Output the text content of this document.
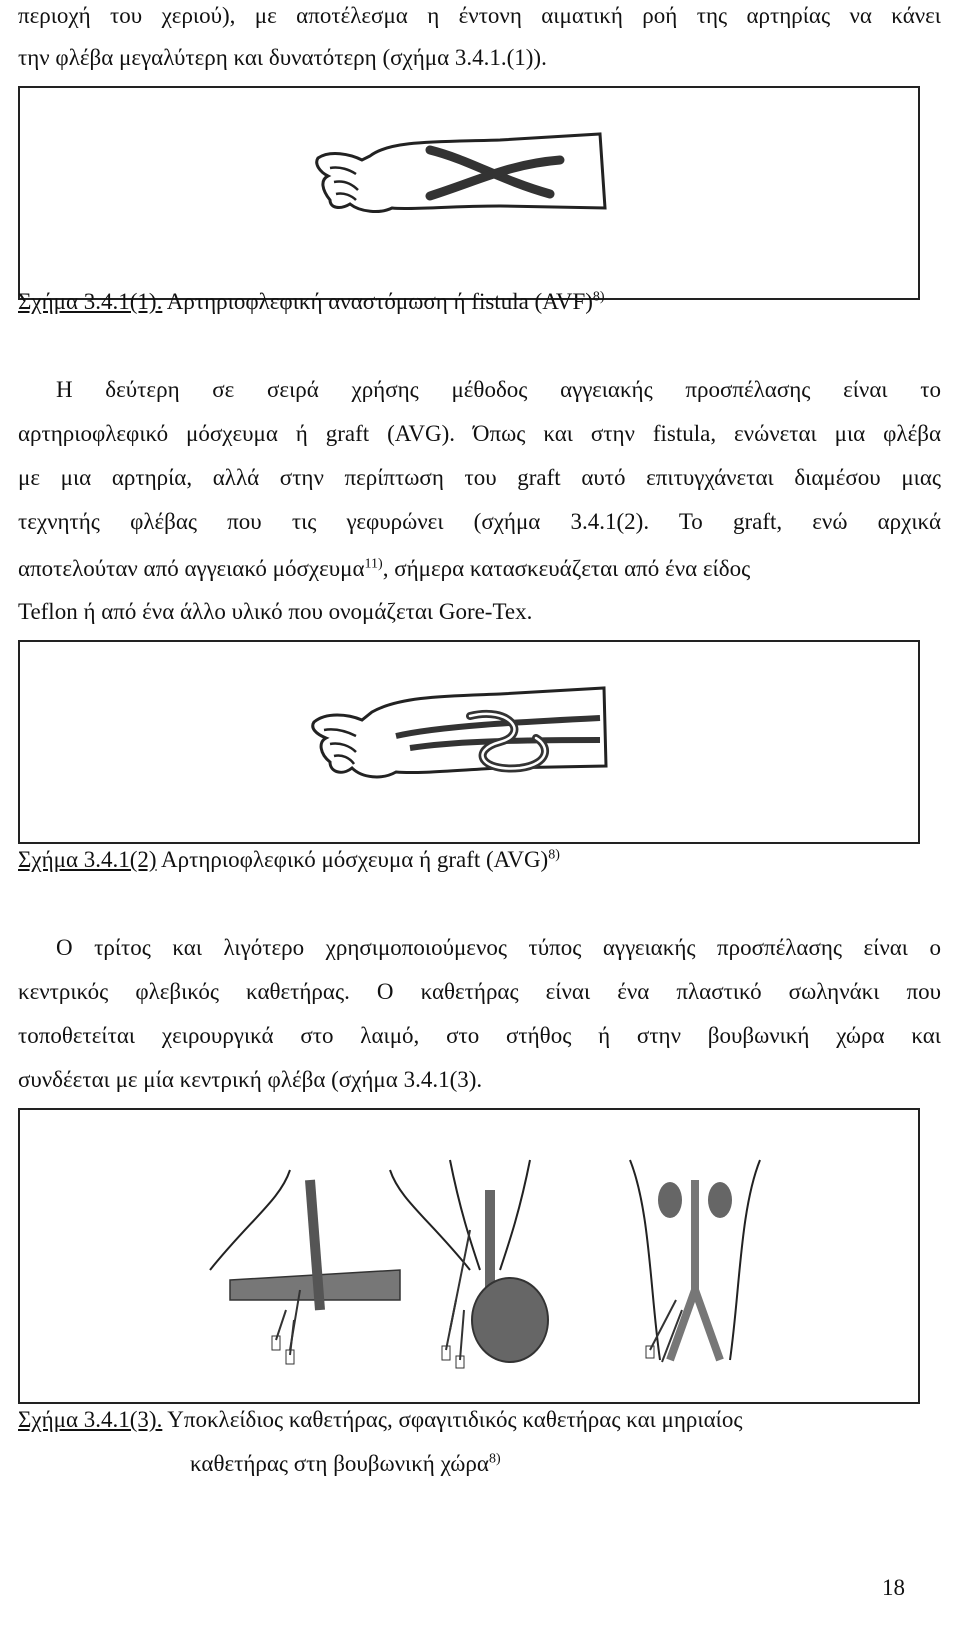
περιοχή του χεριού), με αποτέλεσμα η έντονη αιματική ροή της αρτηρίας να κάνει
την φλέβα μεγαλύτερη και δυνατότερη (σχήμα 3.4.1.(1)).
Σχήμα 3.4.1(1). Αρτηριοφλεφική αναστόμωση ή fistula (AVF)$^{8)}$
Η δεύτερη σε σειρά χρήσης μέθοδος αγγειακής προσπέλασης είναι το
αρτηριοφλεφικό μόσχευμα ή graft (AVG). Όπως και στην fistula, ενώνεται μια φλέβα
με μια αρτηρία, αλλά στην περίπτωση του graft αυτό επιτυγχάνεται διαμέσου μιας
τεχνητής φλέβας που τις γεφυρώνει (σχήμα 3.4.1(2). Το graft, ενώ αρχικά
αποτελούταν από αγγειακό μόσχευμα$^{11)}$, σήμερα κατασκευάζεται από ένα είδος
Teflon ή από ένα άλλο υλικό που ονομάζεται Gore-Tex.
Σχήμα 3.4.1(2) Αρτηριοφλεφικό μόσχευμα ή graft (AVG)$^{8)}$
Ο τρίτος και λιγότερο χρησιμοποιούμενος τύπος αγγειακής προσπέλασης είναι ο
κεντρικός φλεβικός καθετήρας. Ο καθετήρας είναι ένα πλαστικό σωληνάκι που
τοποθετείται χειρουργικά στο λαιμό, στο στήθος ή στην βουβωνική χώρα και
συνδέεται με μία κεντρική φλέβα (σχήμα 3.4.1(3).
Σχήμα 3.4.1(3). Υποκλείδιος καθετήρας, σφαγιτιδικός καθετήρας και μηριαίος
καθετήρας στη βουβωνική χώρα$^{8)}$
18
